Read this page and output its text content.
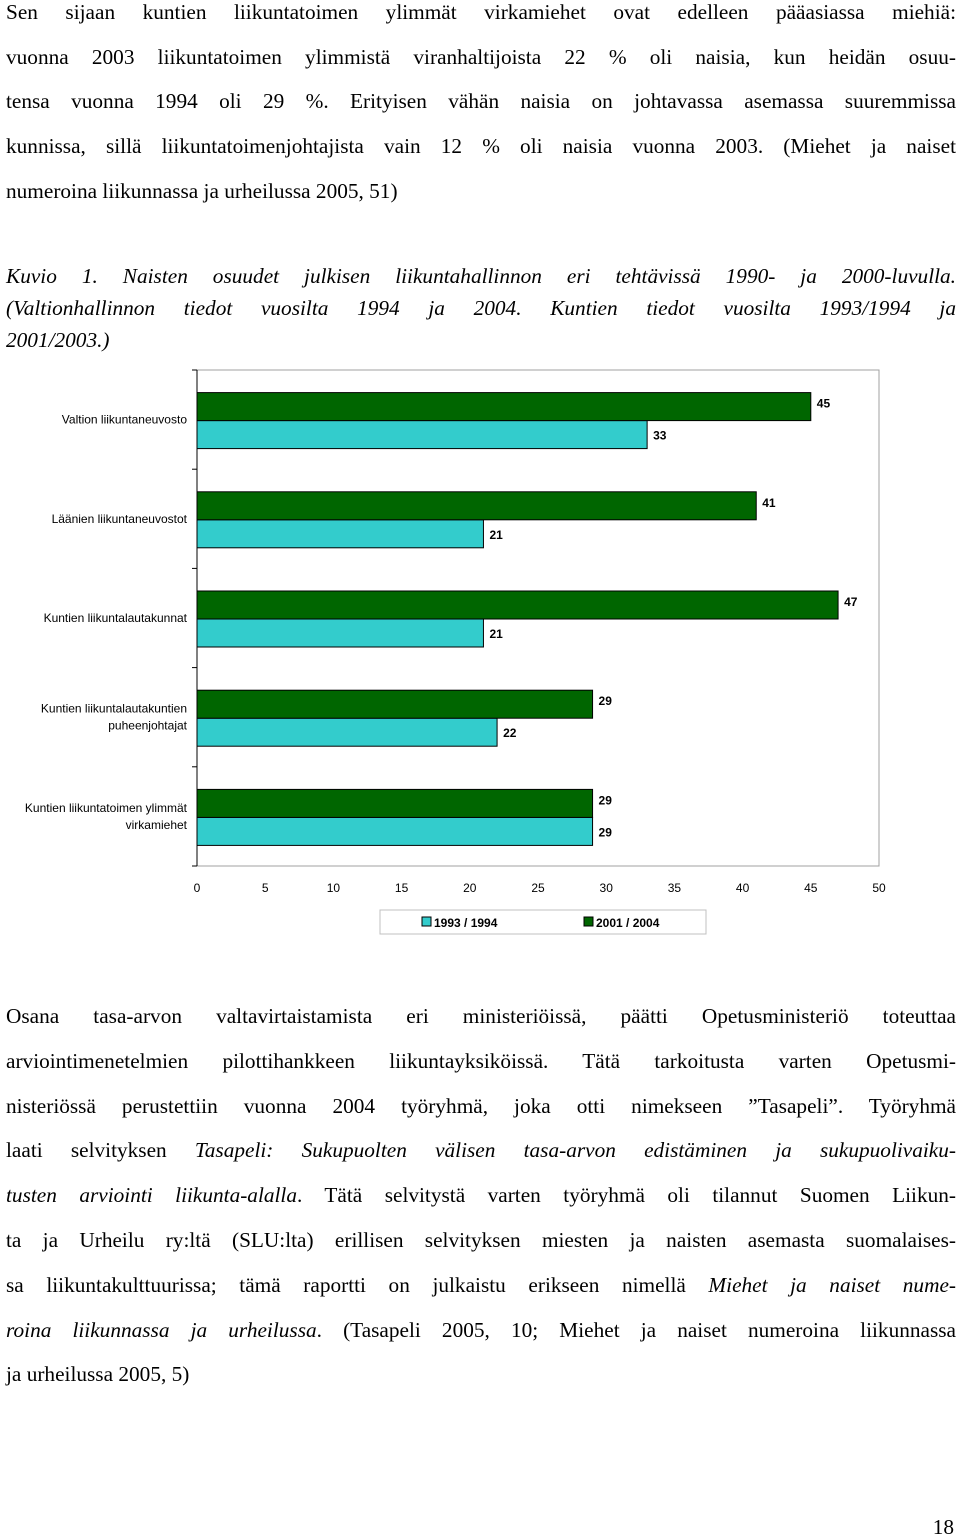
Sen sijaan kuntien liikuntatoimen ylimmät virkamiehet ovat edelleen pääasiassa miehiä:
vuonna 2003 liikuntatoimen ylimmistä viranhaltijoista 22 % oli naisia, kun heidän osuu-
tensa vuonna 1994 oli 29 %. Erityisen vähän naisia on johtavassa asemassa suuremmissa
kunnissa, sillä liikuntatoimenjohtajista vain 12 % oli naisia vuonna 2003. (Miehet ja naiset
numeroina liikunnassa ja urheilussa 2005, 51)
Kuvio 1. Naisten osuudet julkisen liikuntahallinnon eri tehtävissä 1990- ja 2000-luvulla.
(Valtionhallinnon tiedot vuosilta 1994 ja 2004. Kuntien tiedot vuosilta 1993/1994 ja
2001/2003.)
33
45
Valtion liikuntaneuvosto
21
41
Läänien liikuntaneuvostot
21
47
Kuntien liikuntalautakunnat
22
29
Kuntien liikuntalautakuntien
puheenjohtajat
29
29
Kuntien liikuntatoimen ylimmät
virkamiehet
0	5	10	15	20	25	30	35	40	45	50
1993 / 1994	2001 / 2004
Osana tasa-arvon valtavirtaistamista eri ministeriöissä, päätti Opetusministeriö toteuttaa
arviointimenetelmien pilottihankkeen liikuntayksiköissä. Tätä tarkoitusta varten Opetusmi-
nisteriössä perustettiin vuonna 2004 työryhmä, joka otti nimekseen ”Tasapeli”. Työryhmä
laati selvityksen Tasapeli: Sukupuolten välisen tasa-arvon edistäminen ja sukupuolivaiku-
tusten arviointi liikunta-alalla. Tätä selvitystä varten työryhmä oli tilannut Suomen Liikun-
ta ja Urheilu ry:ltä (SLU:lta) erillisen selvityksen miesten ja naisten asemasta suomalaises-
sa liikuntakulttuurissa; tämä raportti on julkaistu erikseen nimellä Miehet ja naiset nume-
roina liikunnassa ja urheilussa. (Tasapeli 2005, 10; Miehet ja naiset numeroina liikunnassa
ja urheilussa 2005, 5)
18
